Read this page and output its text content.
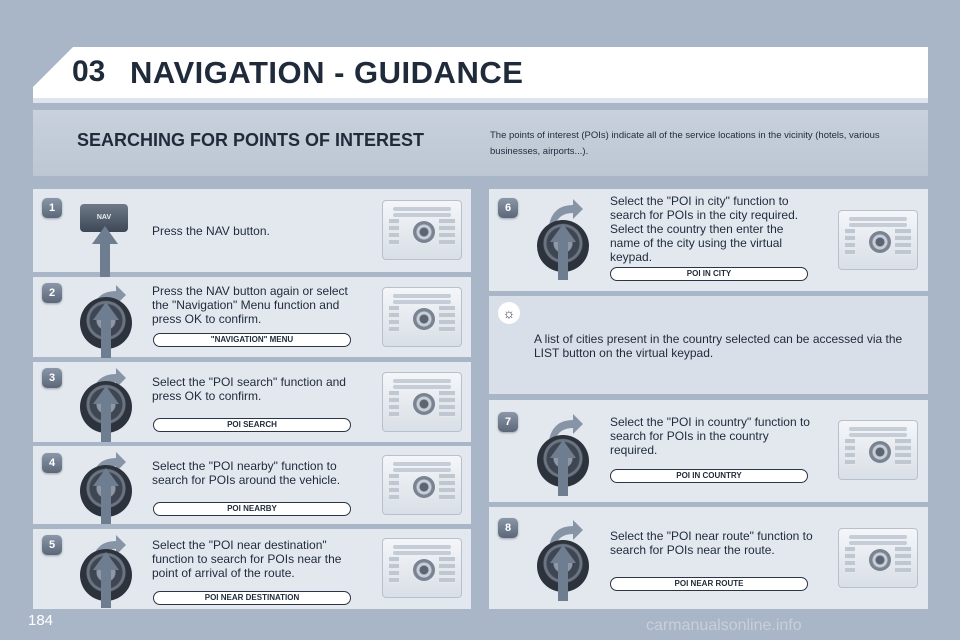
03 NAVIGATION - GUIDANCE
SEARCHING FOR POINTS OF INTEREST	The points of interest (POIs) indicate all of the service locations in the vicinity (hotels, various businesses, airports...).
1
NAV
Press the NAV button.
2	Press the NAV button again or select the "Navigation" Menu function and press OK to confirm.
"NAVIGATION" MENU
3	Select the "POI search" function and press OK to confirm.
POI SEARCH
4	Select the "POI nearby" function to search for POIs around the vehicle.
POI NEARBY
5	Select the "POI near destination" function to search for POIs near the point of arrival of the route.
POI NEAR DESTINATION
6	Select the "POI in city" function to search for POIs in the city required. Select the country then enter the name of the city using the virtual keypad.
POI IN CITY
☼
A list of cities present in the country selected can be accessed via the LIST button on the virtual keypad.
7	Select the "POI in country" function to search for POIs in the country required.
POI IN COUNTRY
8
Select the "POI near route" function to search for POIs near the route.
POI NEAR ROUTE
184	carmanualsonline.info
